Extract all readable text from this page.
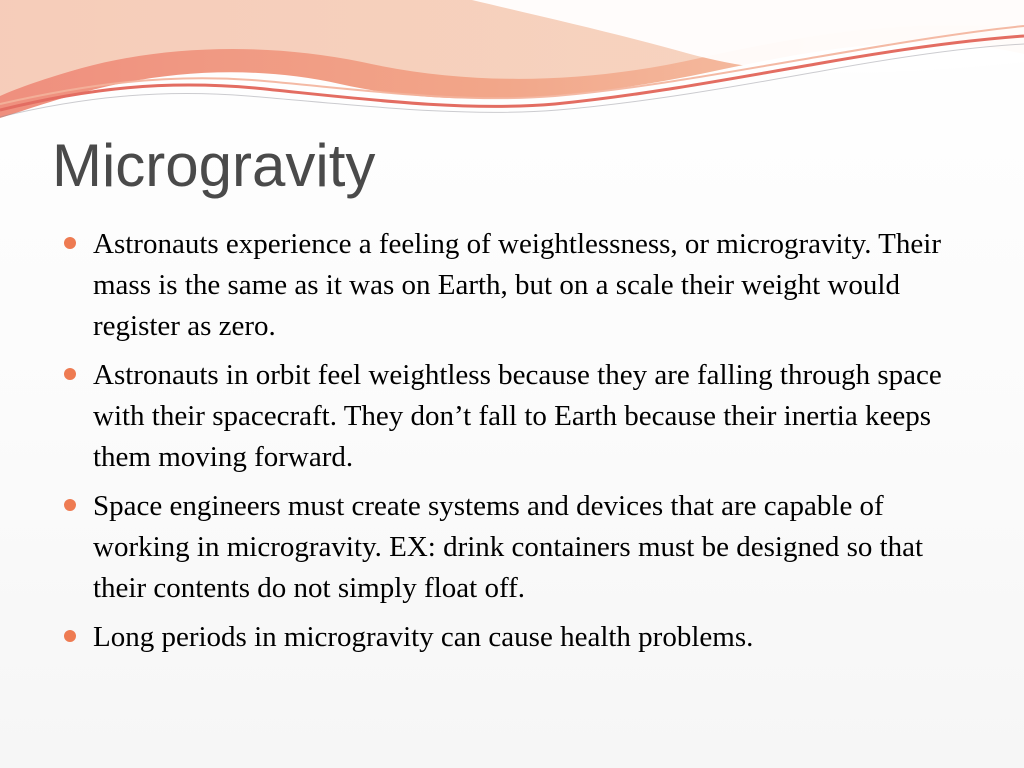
Microgravity
Astronauts experience a feeling of weightlessness, or microgravity. Their mass is the same as it was on Earth, but on a scale their weight would register as zero.
Astronauts in orbit feel weightless because they are falling through space with their spacecraft. They don’t fall to Earth because their inertia keeps them moving forward.
Space engineers must create systems and devices that are capable of working in microgravity. EX: drink containers must be designed so that their contents do not simply float off.
Long periods in microgravity can cause health problems.
